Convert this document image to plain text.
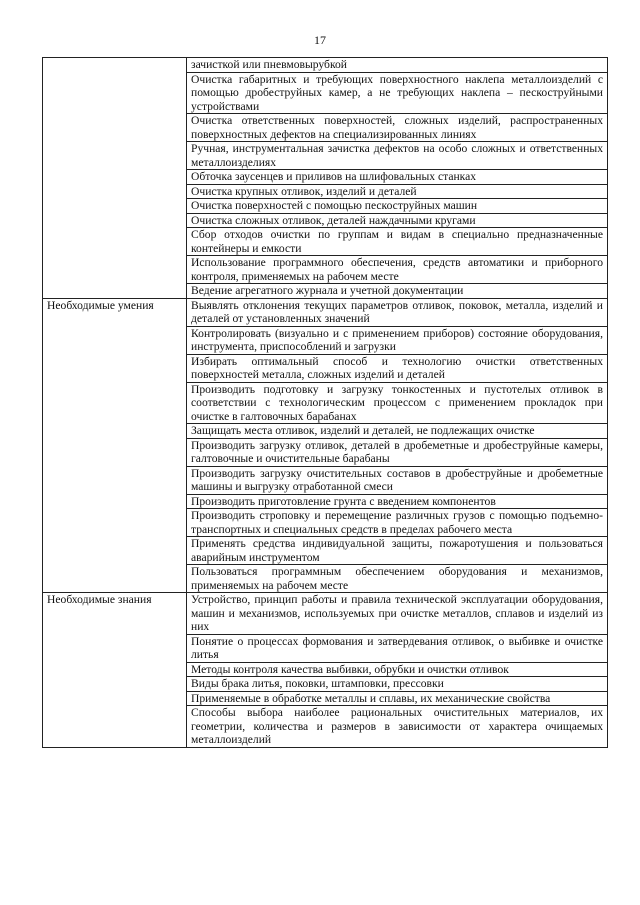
17
	зачисткой или пневмовырубкой
	Очистка габаритных и требующих поверхностного наклепа металлоизделий с помощью дробеструйных камер, а не требующих наклепа – пескоструйными устройствами
	Очистка ответственных поверхностей, сложных изделий, распространенных поверхностных дефектов на специализированных линиях
	Ручная, инструментальная зачистка дефектов на особо сложных и ответственных металлоизделиях
	Обточка заусенцев и приливов на шлифовальных станках
	Очистка крупных отливок, изделий и деталей
	Очистка поверхностей с помощью пескоструйных машин
	Очистка сложных отливок, деталей наждачными кругами
	Сбор отходов очистки по группам и видам в специально предназначенные контейнеры и емкости
	Использование программного обеспечения, средств автоматики и приборного контроля, применяемых на рабочем месте
	Ведение агрегатного журнала и учетной документации
Необходимые умения	Выявлять отклонения текущих параметров отливок, поковок, металла, изделий и деталей от установленных значений
	Контролировать (визуально и с применением приборов) состояние оборудования, инструмента, приспособлений и загрузки
	Избирать оптимальный способ и технологию очистки ответственных поверхностей металла, сложных изделий и деталей
	Производить подготовку и загрузку тонкостенных и пустотелых отливок в соответствии с технологическим процессом с применением прокладок при очистке в галтовочных барабанах
	Защищать места отливок, изделий и деталей, не подлежащих очистке
	Производить загрузку отливок, деталей в дробеметные и дробеструйные камеры, галтовочные и очистительные барабаны
	Производить загрузку очистительных составов в дробеструйные и дробеметные машины и выгрузку отработанной смеси
	Производить приготовление грунта с введением компонентов
	Производить строповку и перемещение различных грузов с помощью подъемно-транспортных и специальных средств в пределах рабочего места
	Применять средства индивидуальной защиты, пожаротушения и пользоваться аварийным инструментом
	Пользоваться программным обеспечением оборудования и механизмов, применяемых на рабочем месте
Необходимые знания	Устройство, принцип работы и правила технической эксплуатации оборудования, машин и механизмов, используемых при очистке металлов, сплавов и изделий из них
	Понятие о процессах формования и затвердевания отливок, о выбивке и очистке литья
	Методы контроля качества выбивки, обрубки и очистки отливок
	Виды брака литья, поковки, штамповки, прессовки
	Применяемые в обработке металлы и сплавы, их механические свойства
	Способы выбора наиболее рациональных очистительных материалов, их геометрии, количества и размеров в зависимости от характера очищаемых металлоизделий
